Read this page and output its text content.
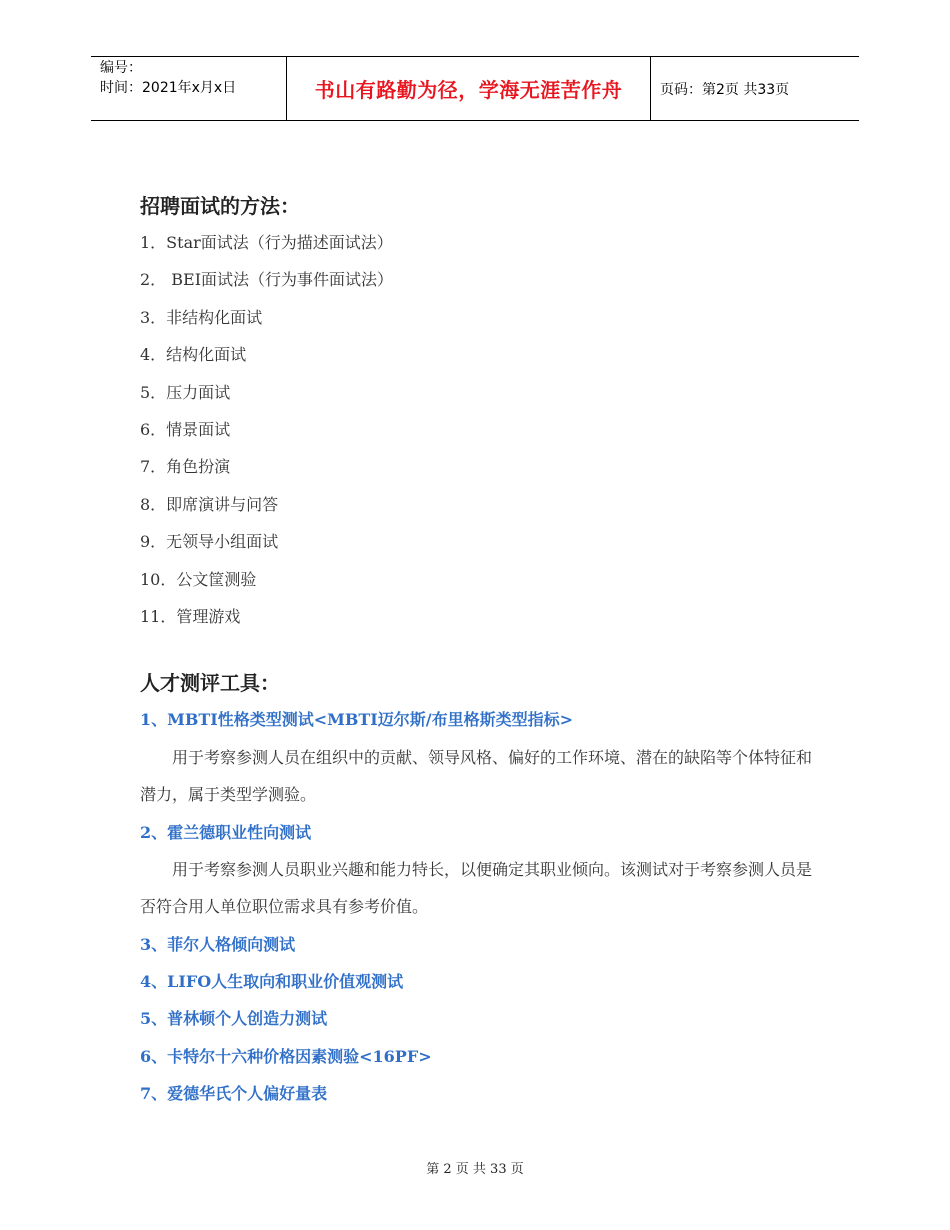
编号：
时间：2021年x月x日	书山有路勤为径，学海无涯苦作舟	页码：第2页 共33页
招聘面试的方法：
1．Star面试法（行为描述面试法）
2． BEI面试法（行为事件面试法）
3．非结构化面试
4．结构化面试
5．压力面试
6．情景面试
7．角色扮演
8．即席演讲与问答
9．无领导小组面试
10．公文筐测验
11．管理游戏
人才测评工具：
1、MBTI性格类型测试<MBTI迈尔斯/布里格斯类型指标>

用于考察参测人员在组织中的贡献、领导风格、偏好的工作环境、潜在的缺陷等个体特征和潜力，属于类型学测验。

2、霍兰德职业性向测试

用于考察参测人员职业兴趣和能力特长，以便确定其职业倾向。该测试对于考察参测人员是否符合用人单位职位需求具有参考价值。

3、菲尔人格倾向测试
4、LIFO人生取向和职业价值观测试
5、普林顿个人创造力测试
6、卡特尔十六种价格因素测验<16PF>
7、爱德华氏个人偏好量表
第 2 页 共 33 页
